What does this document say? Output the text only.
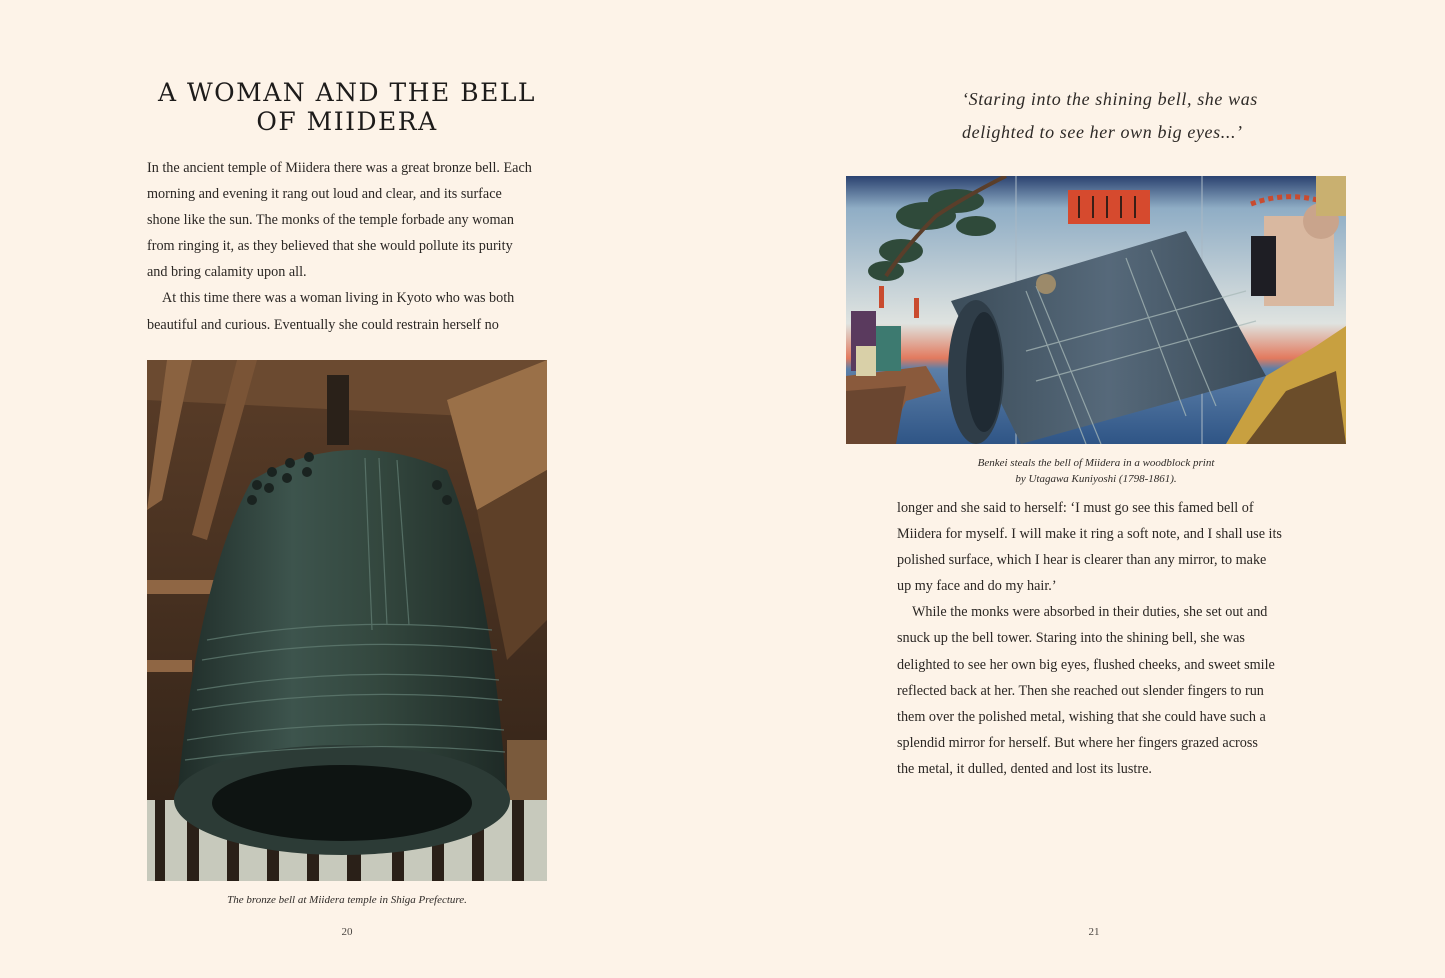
A WOMAN AND THE BELL
OF MIIDERA

In the ancient temple of Miidera there was a great bronze bell. Each
morning and evening it rang out loud and clear, and its surface
shone like the sun. The monks of the temple forbade any woman
from ringing it, as they believed that she would pollute its purity
and bring calamity upon all.

At this time there was a woman living in Kyoto who was both
beautiful and curious. Eventually she could restrain herself no

The bronze bell at Miidera temple in Shiga Prefecture.
20
‘Staring into the shining bell, she was
delighted to see her own big eyes...’
Benkei steals the bell of Miidera in a woodblock print
by Utagawa Kuniyoshi (1798-1861).

longer and she said to herself: ‘I must go see this famed bell of
Miidera for myself. I will make it ring a soft note, and I shall use its
polished surface, which I hear is clearer than any mirror, to make
up my face and do my hair.’

While the monks were absorbed in their duties, she set out and
snuck up the bell tower. Staring into the shining bell, she was
delighted to see her own big eyes, flushed cheeks, and sweet smile
reflected back at her. Then she reached out slender fingers to run
them over the polished metal, wishing that she could have such a
splendid mirror for herself. But where her fingers grazed across
the metal, it dulled, dented and lost its lustre.

21
